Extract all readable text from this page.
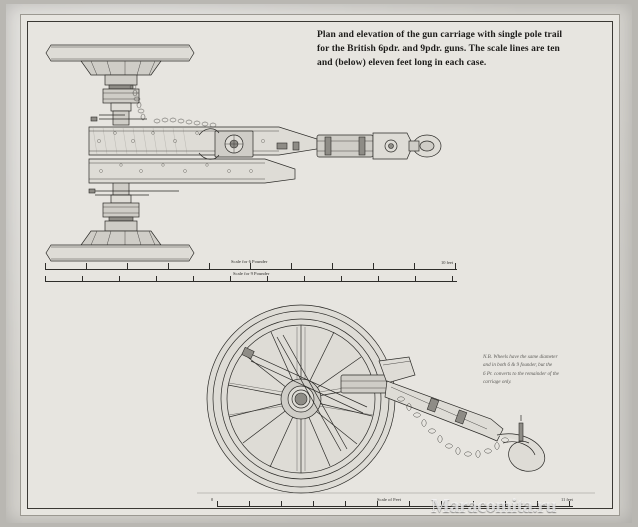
Plan and elevation of the gun carriage with single pole trail
for the British 6pdr. and 9pdr. guns. The scale lines are ten
and (below) eleven feet long in each case.
Scale for 6 Pounder	10 feet
Scale for 9 Pounder
N.B. Wheels have the same diameter
and in both 6 & 9 founder, but the
6 Pr. converts to the remainder of the
carriage only.
Scale of Feet
0	11 feet
Maracomita.ru
